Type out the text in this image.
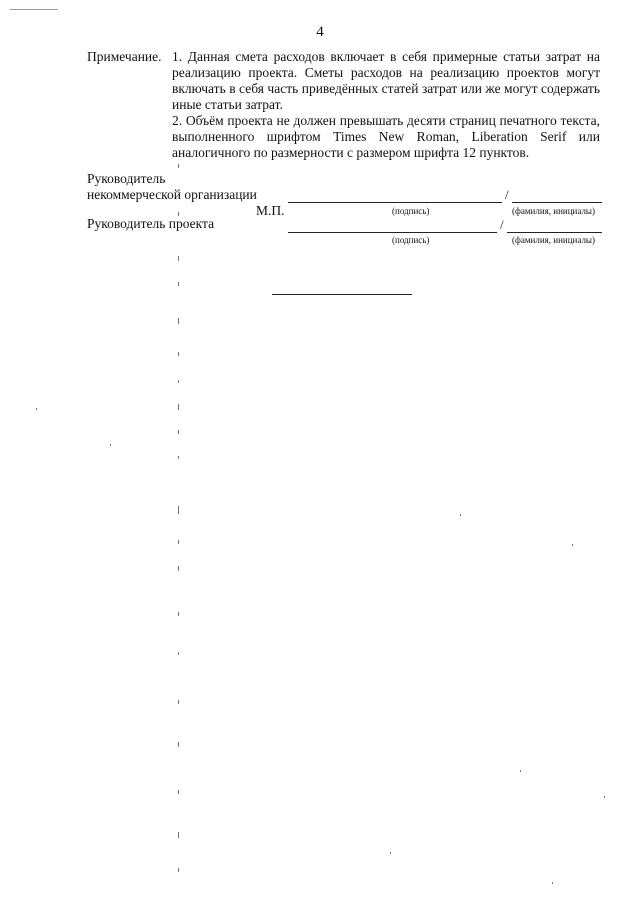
4
Примечание. 1. Данная смета расходов включает в себя примерные статьи затрат на реализацию проекта. Сметы расходов на реализацию проектов могут включать в себя часть приведённых статей затрат или же могут содержать иные статьи затрат.

2. Объём проекта не должен превышать десяти страниц печатного текста, выполненного шрифтом Times New Roman, Liberation Serif или аналогичного по размерности с размером шрифта 12 пунктов.

Руководитель
некоммерческой организации	/
М.П.	(подпись)	(фамилия, инициалы)
Руководитель проекта	/
(подпись)	(фамилия, инициалы)
